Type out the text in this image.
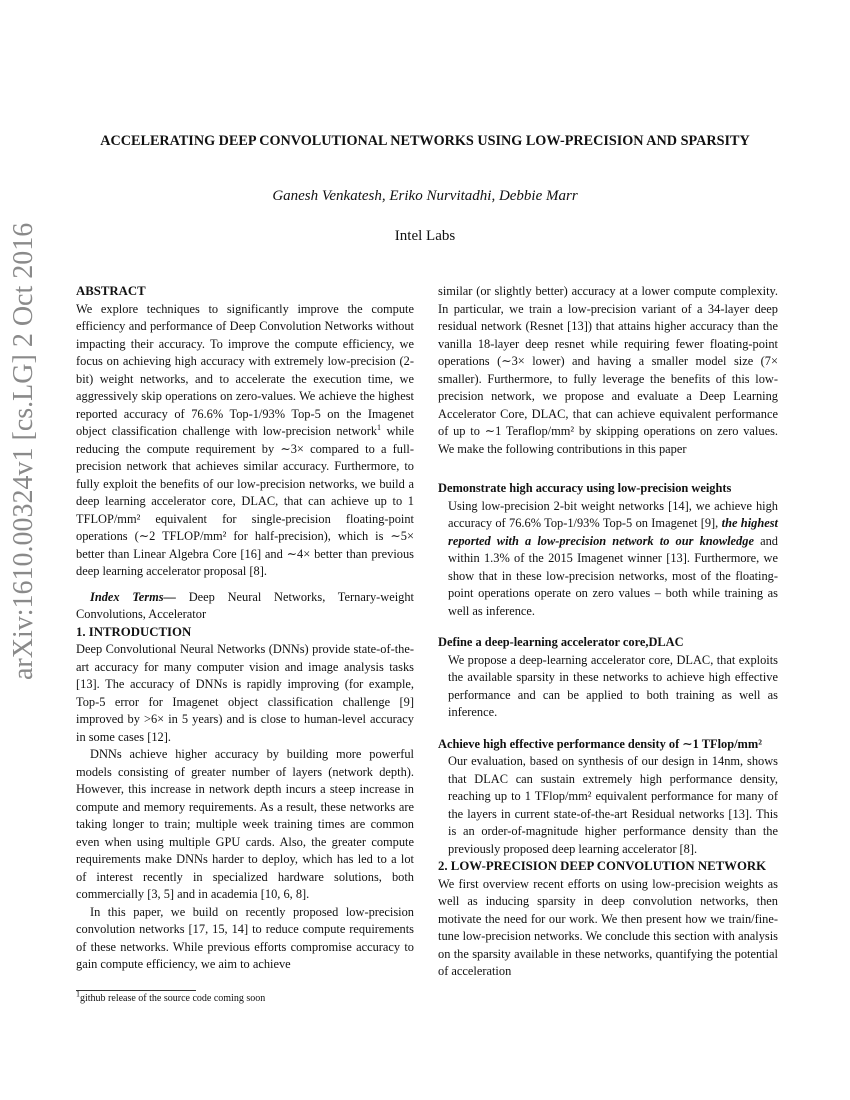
ACCELERATING DEEP CONVOLUTIONAL NETWORKS USING LOW-PRECISION AND SPARSITY
Ganesh Venkatesh, Eriko Nurvitadhi, Debbie Marr
Intel Labs
arXiv:1610.00324v1 [cs.LG] 2 Oct 2016	ABSTRACT

We explore techniques to significantly improve the compute efficiency and performance of Deep Convolution Networks without impacting their accuracy. To improve the compute efficiency, we focus on achieving high accuracy with extremely low-precision (2-bit) weight networks, and to accelerate the execution time, we aggressively skip operations on zero-values. We achieve the highest reported accuracy of 76.6% Top-1/93% Top-5 on the Imagenet object classification challenge with low-precision network$^1$ while reducing the compute requirement by ∼3× compared to a full-precision network that achieves similar accuracy. Furthermore, to fully exploit the benefits of our low-precision networks, we build a deep learning accelerator core, DLAC, that can achieve up to 1 TFLOP/mm² equivalent for single-precision floating-point operations (∼2 TFLOP/mm² for half-precision), which is ∼5× better than Linear Algebra Core [16] and ∼4× better than previous deep learning accelerator proposal [8].

Index Terms— Deep Neural Networks, Ternary-weight Convolutions, Accelerator

1. INTRODUCTION

Deep Convolutional Neural Networks (DNNs) provide state-of-the-art accuracy for many computer vision and image analysis tasks [13]. The accuracy of DNNs is rapidly improving (for example, Top-5 error for Imagenet object classification challenge [9] improved by >6× in 5 years) and is close to human-level accuracy in some cases [12].

DNNs achieve higher accuracy by building more powerful models consisting of greater number of layers (network depth). However, this increase in network depth incurs a steep increase in compute and memory requirements. As a result, these networks are taking longer to train; multiple week training times are common even when using multiple GPU cards. Also, the greater compute requirements make DNNs harder to deploy, which has led to a lot of interest recently in specialized hardware solutions, both commercially [3, 5] and in academia [10, 6, 8].

In this paper, we build on recently proposed low-precision convolution networks [17, 15, 14] to reduce compute requirements of these networks. While previous efforts compromise accuracy to gain compute efficiency, we aim to achieve

$^1$github release of the source code coming soon

similar (or slightly better) accuracy at a lower compute complexity. In particular, we train a low-precision variant of a 34-layer deep residual network (Resnet [13]) that attains higher accuracy than the vanilla 18-layer deep resnet while requiring fewer floating-point operations (∼3× lower) and having a smaller model size (7× smaller). Furthermore, to fully leverage the benefits of this low-precision network, we propose and evaluate a Deep Learning Accelerator Core, DLAC, that can achieve equivalent performance of up to ∼1 Teraflop/mm² by skipping operations on zero values. We make the following contributions in this paper

Demonstrate high accuracy using low-precision weights

Using low-precision 2-bit weight networks [14], we achieve high accuracy of 76.6% Top-1/93% Top-5 on Imagenet [9], the highest reported with a low-precision network to our knowledge and within 1.3% of the 2015 Imagenet winner [13]. Furthermore, we show that in these low-precision networks, most of the floating-point operations operate on zero values – both while training as well as inference.

Define a deep-learning accelerator core,DLAC

We propose a deep-learning accelerator core, DLAC, that exploits the available sparsity in these networks to achieve high effective performance and can be applied to both training as well as inference.

Achieve high effective performance density of ∼1 TFlop/mm²

Our evaluation, based on synthesis of our design in 14nm, shows that DLAC can sustain extremely high performance density, reaching up to 1 TFlop/mm² equivalent performance for many of the layers in current state-of-the-art Residual networks [13]. This is an order-of-magnitude higher performance density than the previously proposed deep learning accelerator [8].

2. LOW-PRECISION DEEP CONVOLUTION NETWORK

We first overview recent efforts on using low-precision weights as well as inducing sparsity in deep convolution networks, then motivate the need for our work. We then present how we train/fine-tune low-precision networks. We conclude this section with analysis on the sparsity available in these networks, quantifying the potential of acceleration
